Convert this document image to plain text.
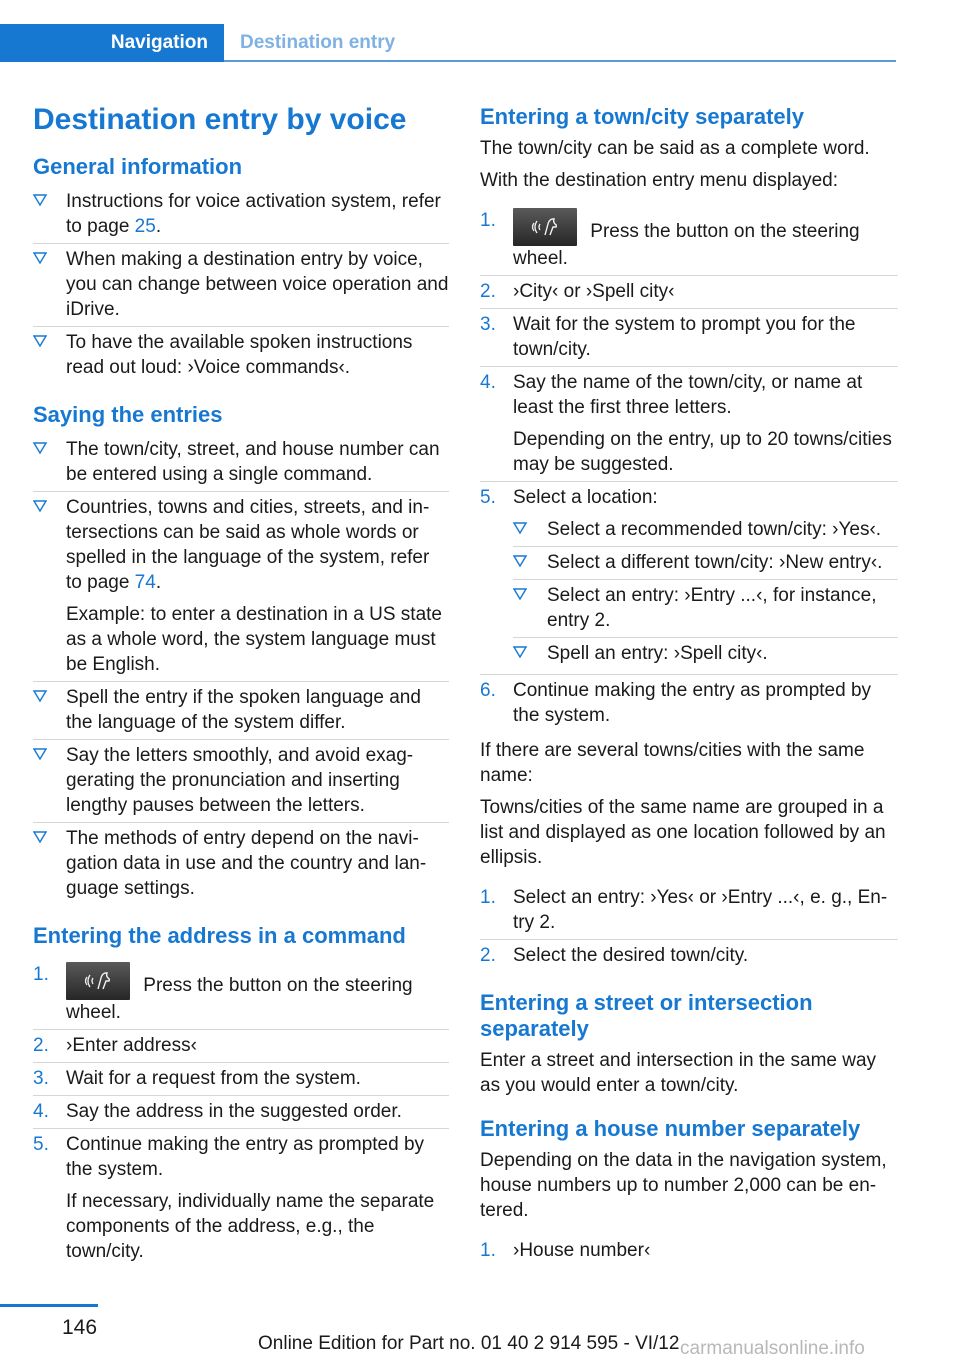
Navigation	Destination entry
Destination entry by voice
General information
Instructions for voice activation system, refer to page 25.
When making a destination entry by voice, you can change between voice operation and iDrive.
To have the available spoken instructions read out loud: ›Voice commands‹.
Saying the entries
The town/city, street, and house number can be entered using a single command.
Countries, towns and cities, streets, and intersections can be said as whole words or spelled in the language of the system, refer to page 74.

Example: to enter a destination in a US state as a whole word, the system language must be English.

Spell the entry if the spoken language and the language of the system differ.
Say the letters smoothly, and avoid exaggerating the pronunciation and inserting lengthy pauses between the letters.
The methods of entry depend on the navigation data in use and the country and language settings.
Entering the address in a command
1.
Press the button on the steering wheel.
2. ›Enter address‹
3. Wait for a request from the system.
4. Say the address in the suggested order.
5. Continue making the entry as prompted by the system.

If necessary, individually name the separate components of the address, e.g., the town/city.

Entering a town/city separately

The town/city can be said as a complete word.

With the destination entry menu displayed:

1.
Press the button on the steering wheel.
2. ›City‹ or ›Spell city‹
3. Wait for the system to prompt you for the town/city.
4. Say the name of the town/city, or name at least the first three letters.

Depending on the entry, up to 20 towns/cities may be suggested.

5. Select a location:
Select a recommended town/city: ›Yes‹.
Select a different town/city: ›New entry‹.
Select an entry: ›Entry ...‹, for instance, entry 2.
Spell an entry: ›Spell city‹.
6. Continue making the entry as prompted by the system.

If there are several towns/cities with the same name:

Towns/cities of the same name are grouped in a list and displayed as one location followed by an ellipsis.

1. Select an entry: ›Yes‹ or ›Entry ...‹, e. g., Entry 2.
2. Select the desired town/city.
Entering a street or intersection separately

Enter a street and intersection in the same way as you would enter a town/city.

Entering a house number separately

Depending on the data in the navigation system, house numbers up to number 2,000 can be entered.

1. ›House number‹
146
Online Edition for Part no. 01 40 2 914 595 - VI/12 carmanualsonline.info
